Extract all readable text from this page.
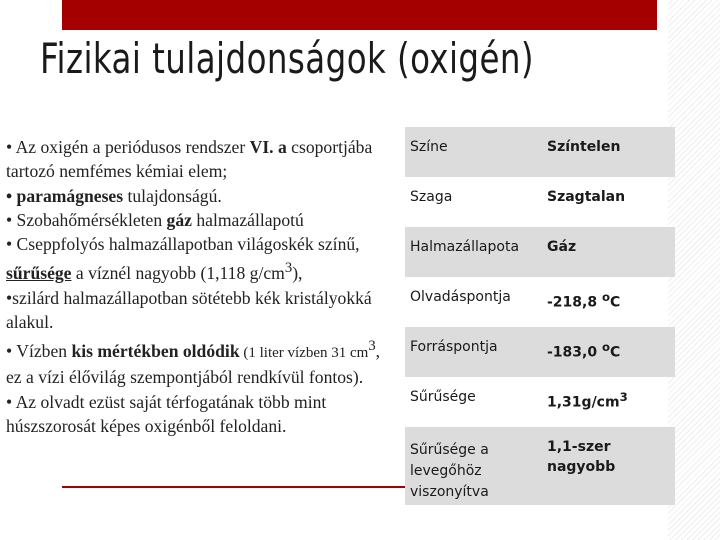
Fizikai tulajdonságok (oxigén)
• Az oxigén a periódusos rendszer VI. a csoportjába tartozó nemfémes kémiai elem;
• paramágneses tulajdonságú.
• Szobahőmérsékleten gáz halmazállapotú
• Cseppfolyós halmazállapotban világoskék színű, sűrűsége a víznél nagyobb (1,118 $g/cm^3$),
•szilárd halmazállapotban sötétebb kék kristályokká alakul.
• Vízben kis mértékben oldódik (1 liter vízben 31 $cm^3$, ez a vízi élővilág szempontjából rendkívül fontos).
• Az olvadt ezüst saját térfogatának több mint húszszorosát képes oxigénből feloldani.
Színe	Színtelen
Szaga	Szagtalan
Halmazállapota	Gáz
Olvadáspontja	-218,8 $^o$C
Forráspontja	-183,0 $^o$C
Sűrűsége	$1,31g/cm^3$
Sűrűsége a levegőhöz viszonyítva	1,1-szer nagyobb
